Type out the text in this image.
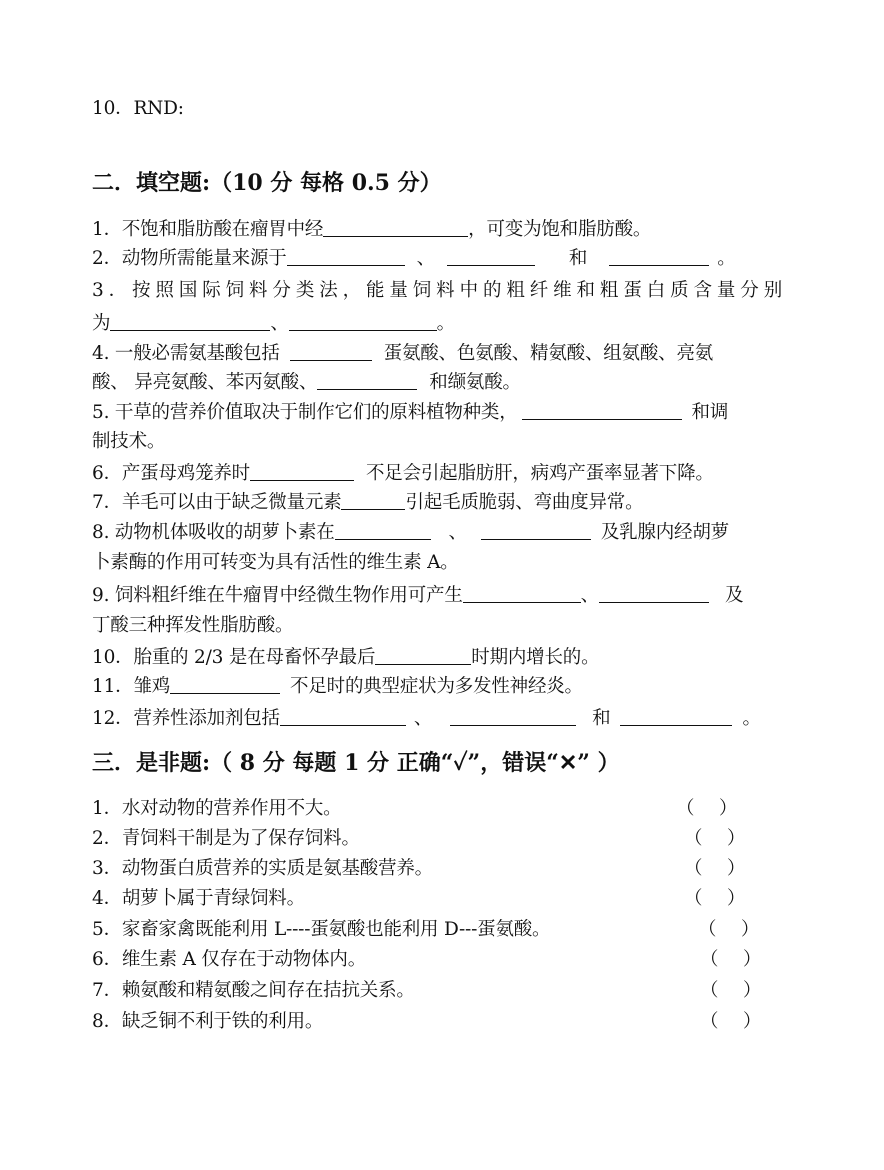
10．RND:
二．填空题:（10 分 每格 0.5 分）
1．不饱和脂肪酸在瘤胃中经	，可变为饱和脂肪酸。
2．动物所需能量来源于	、	和	。
3．按照国际饲料分类法，能量饲料中的粗纤维和粗蛋白质含量分别
为	、	。
4. 一般必需氨基酸包括	蛋氨酸、色氨酸、精氨酸、组氨酸、亮氨
酸、 异亮氨酸、苯丙氨酸、	和缬氨酸。
5. 干草的营养价值取决于制作它们的原料植物种类，	和调
制技术。
6．产蛋母鸡笼养时	不足会引起脂肪肝，病鸡产蛋率显著下降。
7．羊毛可以由于缺乏微量元素	引起毛质脆弱、弯曲度异常。
8. 动物机体吸收的胡萝卜素在	、	及乳腺内经胡萝
卜素酶的作用可转变为具有活性的维生素 A。
9. 饲料粗纤维在牛瘤胃中经微生物作用可产生	、	及
丁酸三种挥发性脂肪酸。
10．胎重的 2/3 是在母畜怀孕最后	时期内增长的。
11．雏鸡	不足时的典型症状为多发性神经炎。
12．营养性添加剂包括	、	和	。
三．是非题:（ 8 分 每题 1 分 正确“✓”，错误“✕” ）
1．水对动物的营养作用不大。	（　 ）
2．青饲料干制是为了保存饲料。	（　 ）
3．动物蛋白质营养的实质是氨基酸营养。	（　 ）
4．胡萝卜属于青绿饲料。	（　 ）
5．家畜家禽既能利用 L----蛋氨酸也能利用 D---蛋氨酸。	（　 ）
6．维生素 A 仅存在于动物体内。	（　 ）
7．赖氨酸和精氨酸之间存在拮抗关系。	（　 ）
8．缺乏铜不利于铁的利用。	（　 ）
